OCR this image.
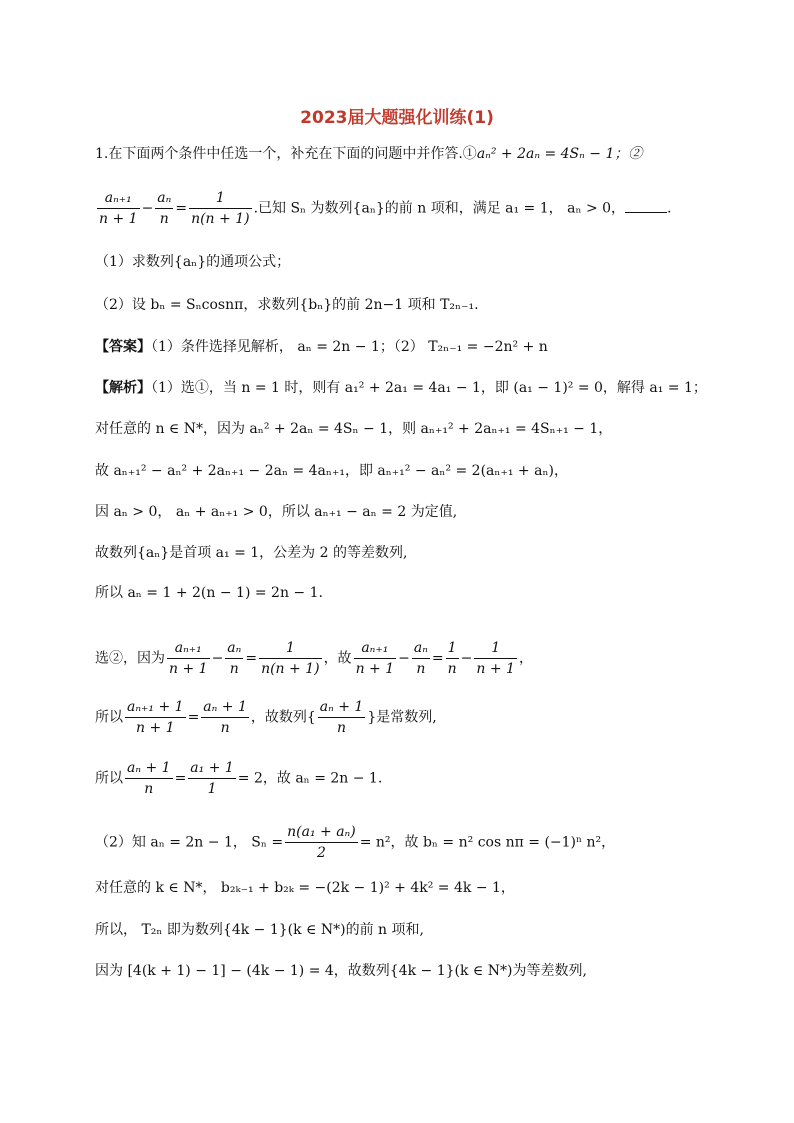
2023届大题强化训练(1)
1.在下面两个条件中任选一个，补充在下面的问题中并作答.①aₙ² + 2aₙ = 4Sₙ − 1；②
$\frac{\text{aₙ₊₁}}{n + 1} - \frac{\text{aₙ}}{n} = \frac{1}{n(n + 1)}$ .已知 Sₙ 为数列{aₙ}的前 n 项和，满足 a₁ = 1， aₙ > 0，	.
（1）求数列{aₙ}的通项公式；
（2）设 bₙ = Sₙcosnπ，求数列{bₙ}的前 2n−1 项和 T₂ₙ₋₁.
【答案】（1）条件选择见解析， aₙ = 2n − 1；（2） T₂ₙ₋₁ = −2n² + n
【解析】（1）选①，当 n = 1 时，则有 a₁² + 2a₁ = 4a₁ − 1，即 (a₁ − 1)² = 0，解得 a₁ = 1；
对任意的 n ∈ N*，因为 aₙ² + 2aₙ = 4Sₙ − 1，则 aₙ₊₁² + 2aₙ₊₁ = 4Sₙ₊₁ − 1，
故 aₙ₊₁² − aₙ² + 2aₙ₊₁ − 2aₙ = 4aₙ₊₁，即 aₙ₊₁² − aₙ² = 2(aₙ₊₁ + aₙ)，
因 aₙ > 0， aₙ + aₙ₊₁ > 0，所以 aₙ₊₁ − aₙ = 2 为定值,
故数列{aₙ}是首项 a₁ = 1，公差为 2 的等差数列,
所以 aₙ = 1 + 2(n − 1) = 2n − 1.
选②，因为 $\frac{\text{aₙ₊₁}}{n + 1} - \frac{\text{aₙ}}{n} = \frac{1}{n(n + 1)}$ ，故 $\frac{\text{aₙ₊₁}}{n + 1} - \frac{\text{aₙ}}{n} = \frac{1}{n} - \frac{1}{n + 1}$ ，
所以 $\frac{\text{aₙ₊₁ + 1}}{n + 1} = \frac{\text{aₙ + 1}}{n}$ ，故数列{ $\frac{\text{aₙ + 1}}{n}$ }是常数列,
所以 $\frac{\text{aₙ + 1}}{n} = \frac{\text{a₁ + 1}}{1} = 2$，故 aₙ = 2n − 1.
（2）知 aₙ = 2n − 1， $S_n = \frac{\text{n(a₁ + aₙ)}}{2} = n^2$，故 bₙ = n² cos nπ = (−1)ⁿ n²，
对任意的 k ∈ N*， b₂ₖ₋₁ + b₂ₖ = −(2k − 1)² + 4k² = 4k − 1，
所以， T₂ₙ 即为数列{4k − 1}(k ∈ N*)的前 n 项和,
因为 [4(k + 1) − 1] − (4k − 1) = 4，故数列{4k − 1}(k ∈ N*)为等差数列,
